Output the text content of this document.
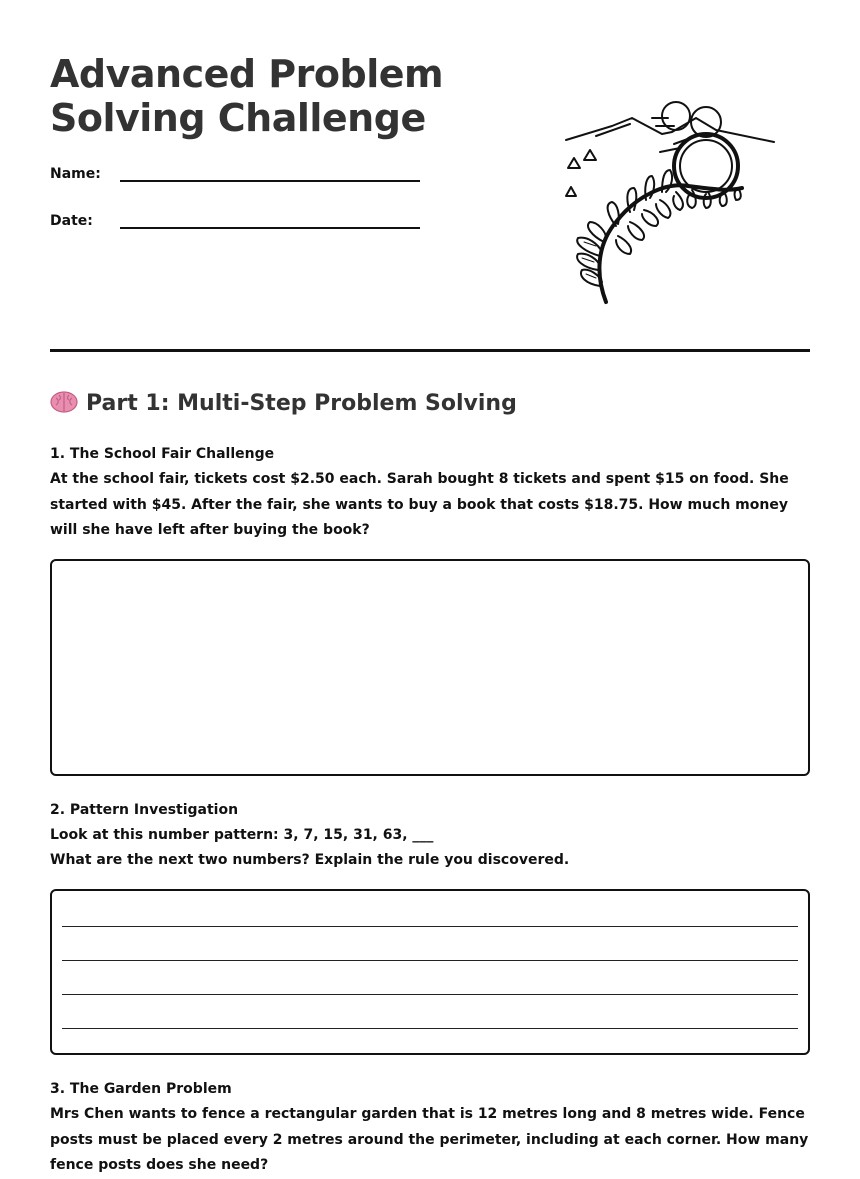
Advanced Problem
Solving Challenge
Name:
Date:
Part 1: Multi-Step Problem Solving

1. The School Fair Challenge

At the school fair, tickets cost $2.50 each. Sarah bought 8 tickets and spent $15 on food. She started with $45. After the fair, she wants to buy a book that costs $18.75. How much money will she have left after buying the book?

2. Pattern Investigation

Look at this number pattern: 3, 7, 15, 31, 63, ___

What are the next two numbers? Explain the rule you discovered.

3. The Garden Problem

Mrs Chen wants to fence a rectangular garden that is 12 metres long and 8 metres wide. Fence posts must be placed every 2 metres around the perimeter, including at each corner. How many fence posts does she need?
